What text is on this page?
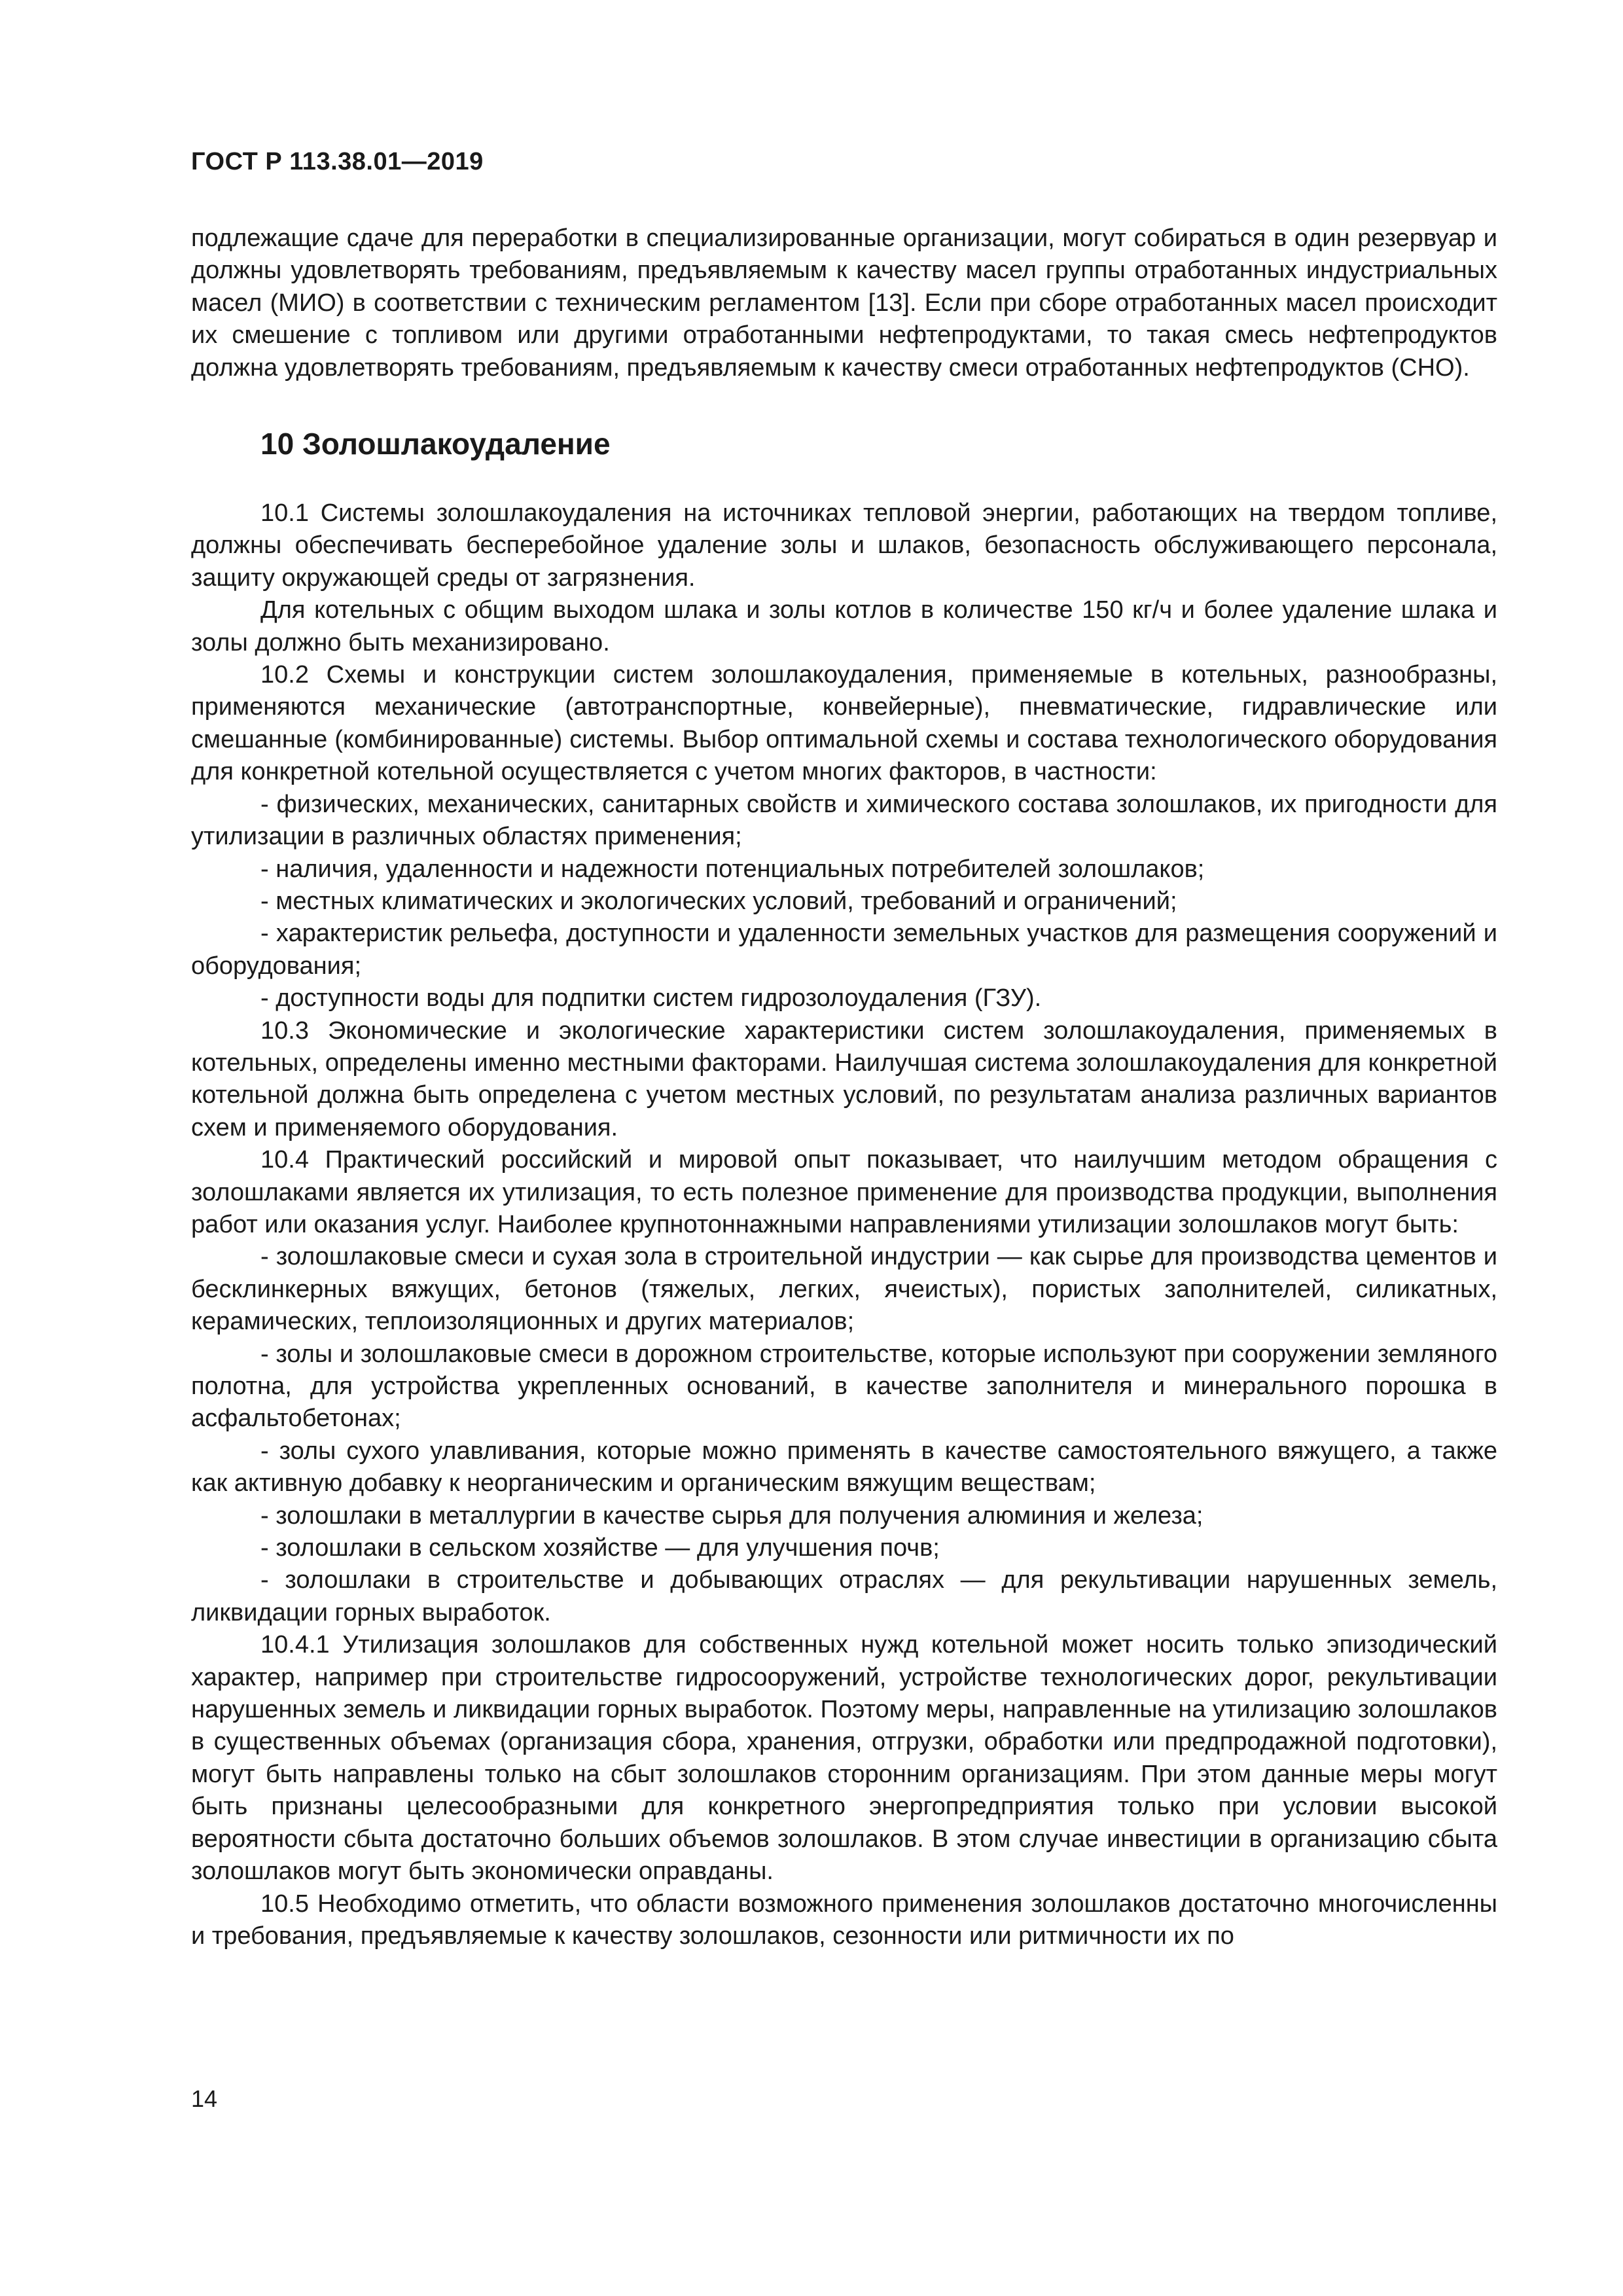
ГОСТ Р 113.38.01—2019

подлежащие сдаче для переработки в специализированные организации, могут собираться в один резервуар и должны удовлетворять требованиям, предъявляемым к качеству масел группы отработанных индустриальных масел (МИО) в соответствии с техническим регламентом [13]. Если при сборе отработанных масел происходит их смешение с топливом или другими отработанными нефтепродуктами, то такая смесь нефтепродуктов должна удовлетворять требованиям, предъявляемым к качеству смеси отработанных нефтепродуктов (СНО).

10 Золошлакоудаление

10.1 Системы золошлакоудаления на источниках тепловой энергии, работающих на твердом топливе, должны обеспечивать бесперебойное удаление золы и шлаков, безопасность обслуживающего персонала, защиту окружающей среды от загрязнения.

Для котельных с общим выходом шлака и золы котлов в количестве 150 кг/ч и более удаление шлака и золы должно быть механизировано.

10.2 Схемы и конструкции систем золошлакоудаления, применяемые в котельных, разнообразны, применяются механические (автотранспортные, конвейерные), пневматические, гидравлические или смешанные (комбинированные) системы. Выбор оптимальной схемы и состава технологического оборудования для конкретной котельной осуществляется с учетом многих факторов, в частности:

- физических, механических, санитарных свойств и химического состава золошлаков, их пригодности для утилизации в различных областях применения;

- наличия, удаленности и надежности потенциальных потребителей золошлаков;

- местных климатических и экологических условий, требований и ограничений;

- характеристик рельефа, доступности и удаленности земельных участков для размещения сооружений и оборудования;

- доступности воды для подпитки систем гидрозолоудаления (ГЗУ).

10.3 Экономические и экологические характеристики систем золошлакоудаления, применяемых в котельных, определены именно местными факторами. Наилучшая система золошлакоудаления для конкретной котельной должна быть определена с учетом местных условий, по результатам анализа различных вариантов схем и применяемого оборудования.

10.4 Практический российский и мировой опыт показывает, что наилучшим методом обращения с золошлаками является их утилизация, то есть полезное применение для производства продукции, выполнения работ или оказания услуг. Наиболее крупнотоннажными направлениями утилизации золошлаков могут быть:

- золошлаковые смеси и сухая зола в строительной индустрии — как сырье для производства цементов и бесклинкерных вяжущих, бетонов (тяжелых, легких, ячеистых), пористых заполнителей, силикатных, керамических, теплоизоляционных и других материалов;

- золы и золошлаковые смеси в дорожном строительстве, которые используют при сооружении земляного полотна, для устройства укрепленных оснований, в качестве заполнителя и минерального порошка в асфальтобетонах;

- золы сухого улавливания, которые можно применять в качестве самостоятельного вяжущего, а также как активную добавку к неорганическим и органическим вяжущим веществам;

- золошлаки в металлургии в качестве сырья для получения алюминия и железа;

- золошлаки в сельском хозяйстве — для улучшения почв;

- золошлаки в строительстве и добывающих отраслях — для рекультивации нарушенных земель, ликвидации горных выработок.

10.4.1 Утилизация золошлаков для собственных нужд котельной может носить только эпизодический характер, например при строительстве гидросооружений, устройстве технологических дорог, рекультивации нарушенных земель и ликвидации горных выработок. Поэтому меры, направленные на утилизацию золошлаков в существенных объемах (организация сбора, хранения, отгрузки, обработки или предпродажной подготовки), могут быть направлены только на сбыт золошлаков сторонним организациям. При этом данные меры могут быть признаны целесообразными для конкретного энергопредприятия только при условии высокой вероятности сбыта достаточно больших объемов золошлаков. В этом случае инвестиции в организацию сбыта золошлаков могут быть экономически оправданы.

10.5 Необходимо отметить, что области возможного применения золошлаков достаточно многочисленны и требования, предъявляемые к качеству золошлаков, сезонности или ритмичности их по

14
